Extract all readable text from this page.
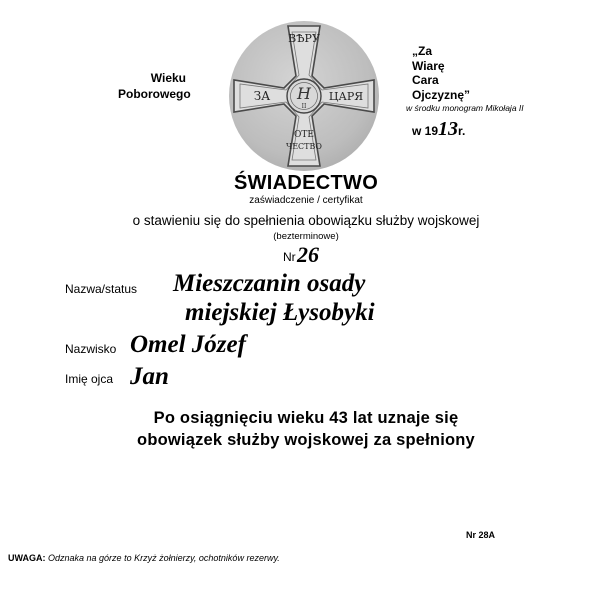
ВѢРУ
ЗА	ЦАРЯ
ОТЕ
ЧЕСТВО
Н
II
Wieku
Poborowego
„Za
Wiarę
Cara
Ojczyznę”
w środku monogram Mikołaja II
w 1913r.
ŚWIADECTWO
zaświadczenie / certyfikat
o stawieniu się do spełnienia obowiązku służby wojskowej
(bezterminowe)
Nr 26
Nazwa/status Mieszczanin osady
miejskiej Łysobyki
Nazwisko Omel Józef
Imię ojca Jan
Po osiągnięciu wieku 43 lat uznaje się
obowiązek służby wojskowej za spełniony
Nr 28A
UWAGA: Odznaka na górze to Krzyż żołnierzy, ochotników rezerwy.
